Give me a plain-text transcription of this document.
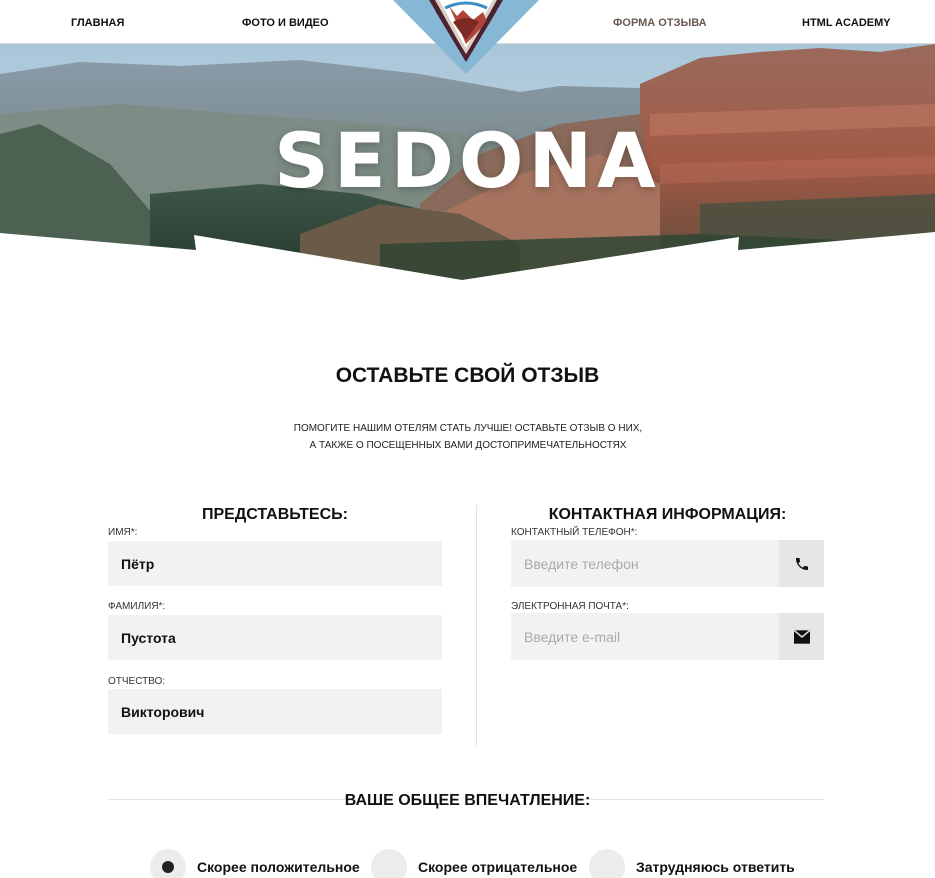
ГЛАВНАЯ	ФОТО И ВИДЕО	ФОРМА ОТЗЫВА	HTML ACADEMY
SEDONA
ОСТАВЬТЕ СВОЙ ОТЗЫВ

ПОМОГИТЕ НАШИМ ОТЕЛЯМ СТАТЬ ЛУЧШЕ! ОСТАВЬТЕ ОТЗЫВ О НИХ, А ТАКЖЕ О ПОСЕЩЕННЫХ ВАМИ ДОСТОПРИМЕЧАТЕЛЬНОСТЯХ

ПРЕДСТАВЬТЕСЬ:
ИМЯ*:
Пётр
ФАМИЛИЯ*:
Пустота
ОТЧЕСТВО:
Викторович
КОНТАКТНАЯ ИНФОРМАЦИЯ:
КОНТАКТНЫЙ ТЕЛЕФОН*:
Введите телефон
ЭЛЕКТРОННАЯ ПОЧТА*:
Введите e-mail
ВАШЕ ОБЩЕЕ ВПЕЧАТЛЕНИЕ:
Скорее положительное	Скорее отрицательное	Затрудняюсь ответить
